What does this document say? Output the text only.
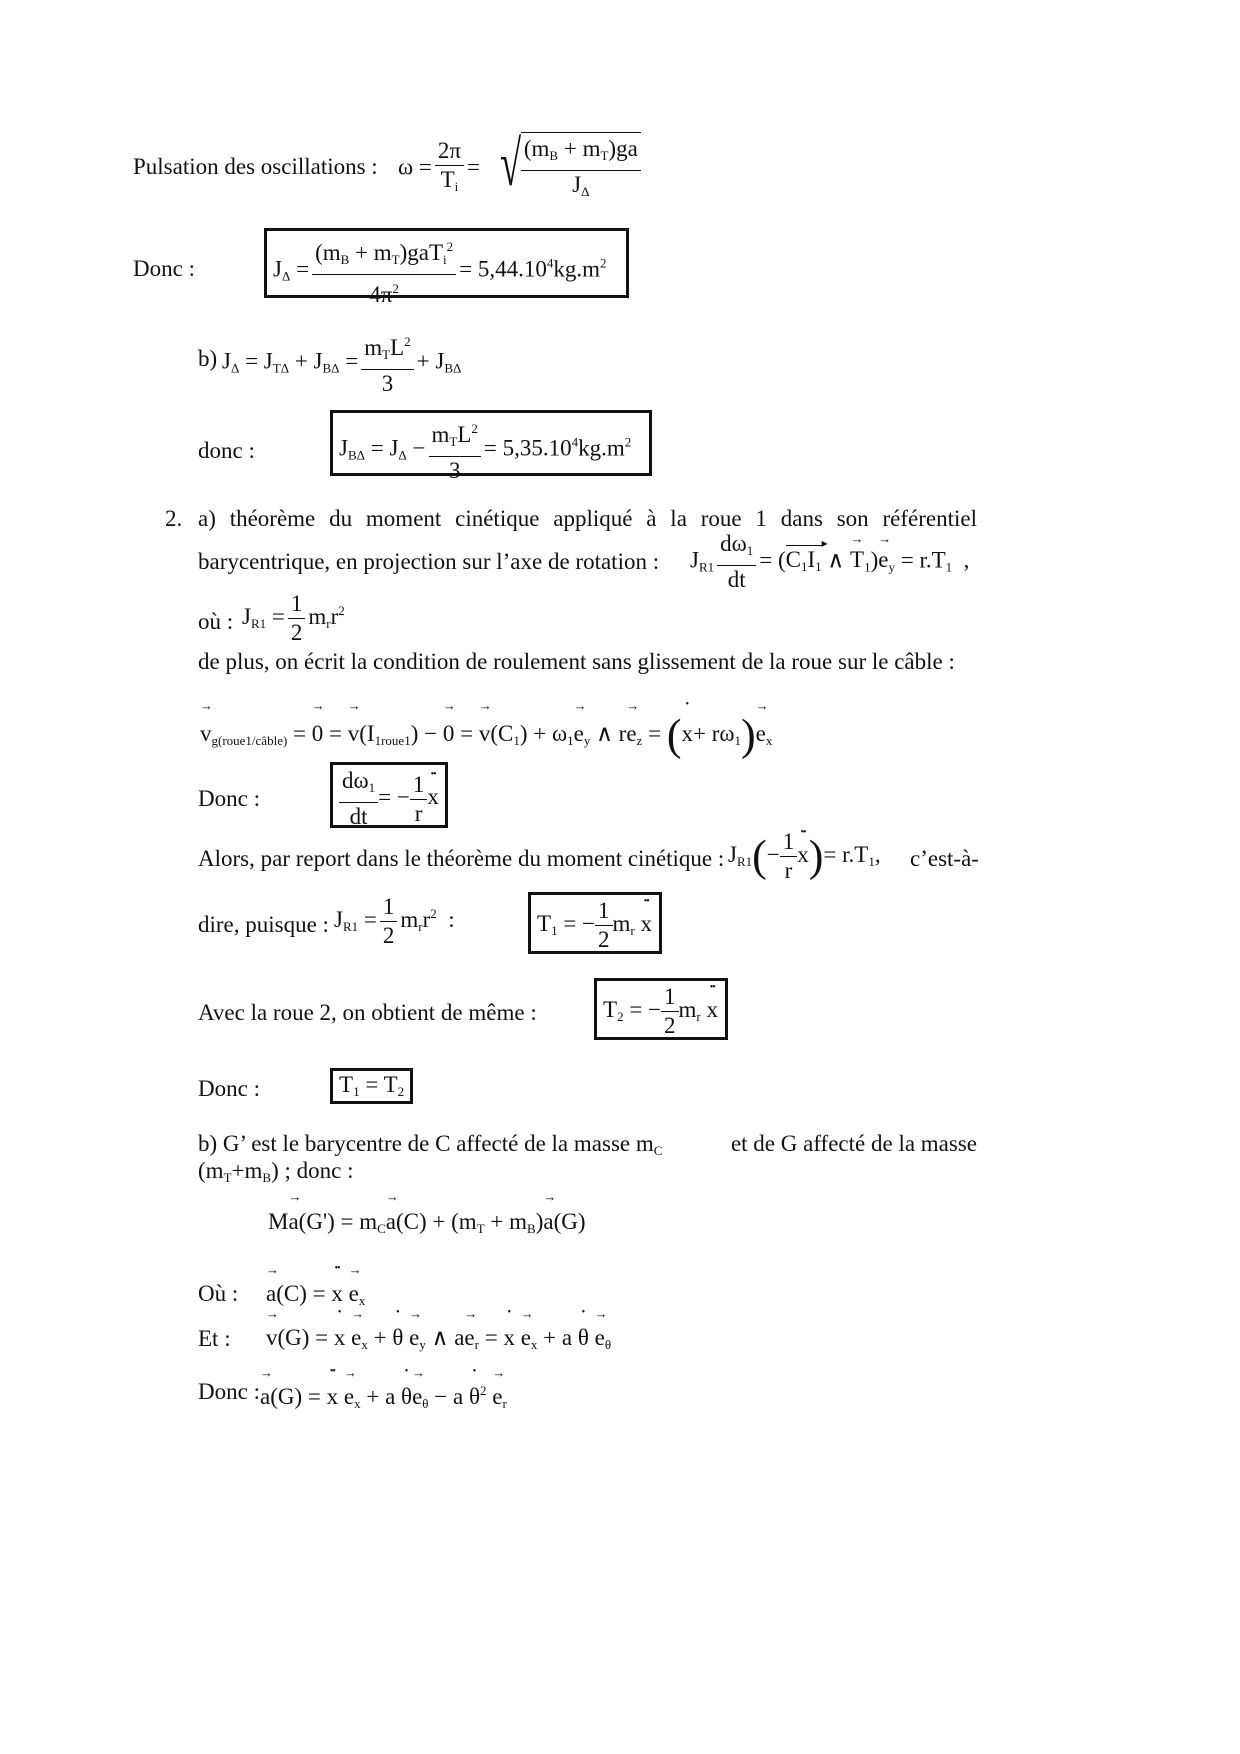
Pulsation des oscillations : $\omega = \frac{2\pi}{T_i}$ = √ $\frac{(m_B + m_T)ga}{J_\Delta}$
Donc :	$J_\Delta = \frac{(m_B + m_T)gaT_i^2}{4\pi^2} = 5,44.10^4kg.m^2$
b) $J_\Delta = J_{T\Delta} + J_{B\Delta} = \frac{m_TL^2}{3} + J_{B\Delta}$
donc :	$J_{B\Delta} = J_\Delta - \frac{m_TL^2}{3} = 5,35.10^4kg.m^2$
2. a) théorème du moment cinétique appliqué à la roue 1 dans son référentiel
barycentrique, en projection sur l’axe de rotation : $J_{R1} \frac{d\omega_1}{dt} = (C_1I_1$ ▸ ∧ → $T_1)\to e_y = r.T_1$  ,
où : $J_{R1} = \frac{1}{2} m_rr^2$
de plus, on écrit la condition de roulement sans glissement de la roue sur le câble :
→ $v_{g(roue1/câble)}$ = → 0 = → $v(I_{1roue1})$ − → 0 = → $v(C_1) + \omega_1\to e_y$ ∧ $r\to e_z$ = (• $x+ r\omega_1)\to e_x$
Donc :	$\frac{d\omega_1}{dt}$ = − $\frac{1}{r}$ •• x
Alors, par report dans le théorème du moment cinétique : $J_{R1}(- \frac{1}{r}$ •• $x)= r.T_1$, c’est-à-
dire, puisque : $J_{R1} = \frac{1}{2} m_rr^2$  :	$T_1$ = − $\frac{1}{2} m_r$ •• x
Avec la roue 2, on obtient de même :	$T_2$ = − $\frac{1}{2} m_r$ •• x
Donc :	$T_1 = T_2$
b) G’ est le barycentre de C affecté de la masse $m_C$	et de G affecté de la masse
$(m_T+m_B)$ ; donc :
$M\to a(G') = m_C\to a(C) + (m_T + m_B)\to a(G)$
Où : → a(C) = •• $x \to e_x$
Et : → v(G) = • $x \to e_x$ + • $\theta \to e_y$ ∧ $a\to e_r$ = • $x \to e_x + a$ • $\theta \to e_\theta$
Donc : → a(G) = •• $x \to e_x + a$ • $\theta\to e_\theta - a$ • $\theta^2 \to e_r$
